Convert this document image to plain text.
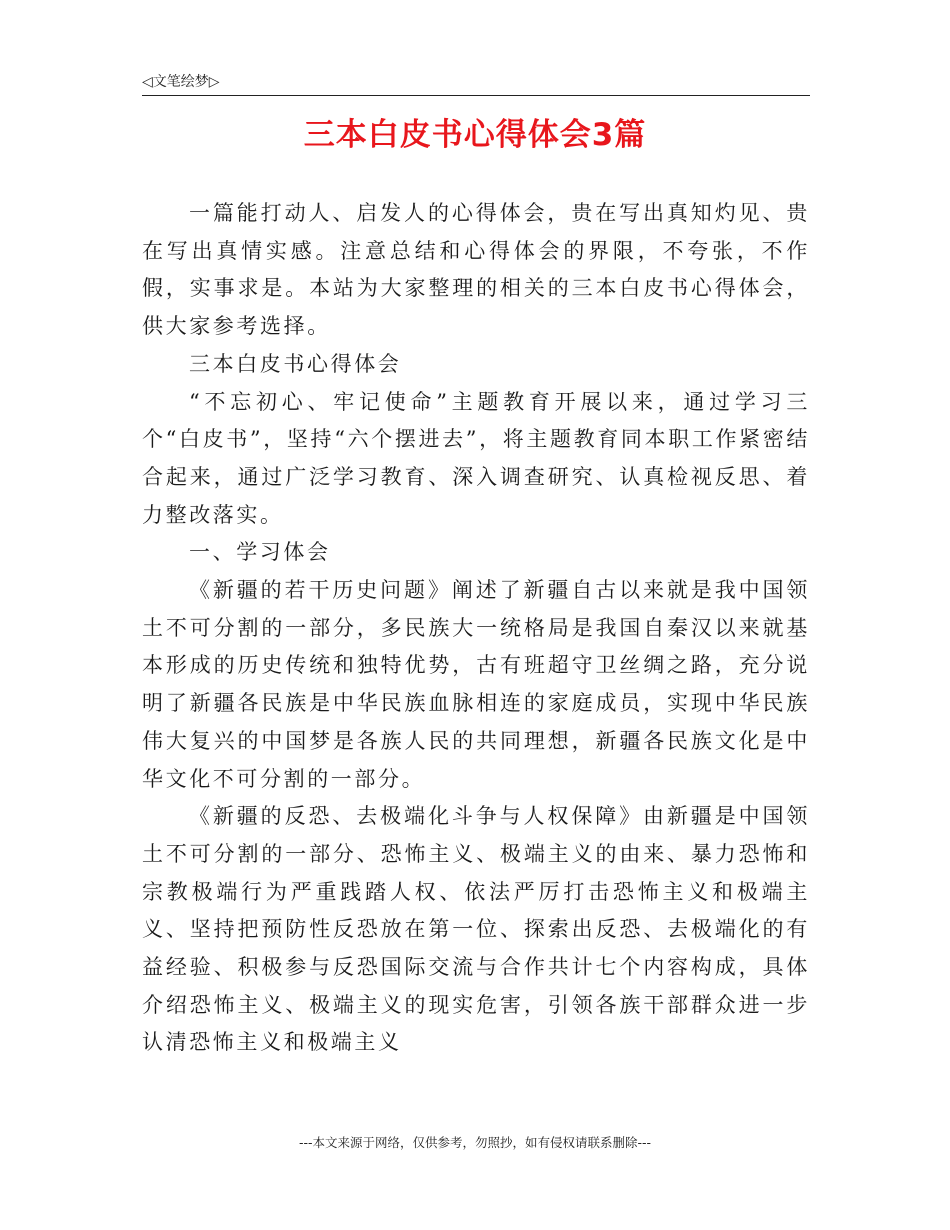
◁文笔绘梦▷
三本白皮书心得体会3篇

一篇能打动人、启发人的心得体会，贵在写出真知灼见、贵在写出真情实感。注意总结和心得体会的界限，不夸张，不作假，实事求是。本站为大家整理的相关的三本白皮书心得体会，供大家参考选择。

三本白皮书心得体会

“不忘初心、牢记使命”主题教育开展以来，通过学习三个“白皮书”，坚持“六个摆进去”，将主题教育同本职工作紧密结合起来，通过广泛学习教育、深入调查研究、认真检视反思、着力整改落实。

一、学习体会

《新疆的若干历史问题》阐述了新疆自古以来就是我中国领土不可分割的一部分，多民族大一统格局是我国自秦汉以来就基本形成的历史传统和独特优势，古有班超守卫丝绸之路，充分说明了新疆各民族是中华民族血脉相连的家庭成员，实现中华民族伟大复兴的中国梦是各族人民的共同理想，新疆各民族文化是中华文化不可分割的一部分。

《新疆的反恐、去极端化斗争与人权保障》由新疆是中国领土不可分割的一部分、恐怖主义、极端主义的由来、暴力恐怖和宗教极端行为严重践踏人权、依法严厉打击恐怖主义和极端主义、坚持把预防性反恐放在第一位、探索出反恐、去极端化的有益经验、积极参与反恐国际交流与合作共计七个内容构成，具体介绍恐怖主义、极端主义的现实危害，引领各族干部群众进一步认清恐怖主义和极端主义

---本文来源于网络，仅供参考，勿照抄，如有侵权请联系删除---
